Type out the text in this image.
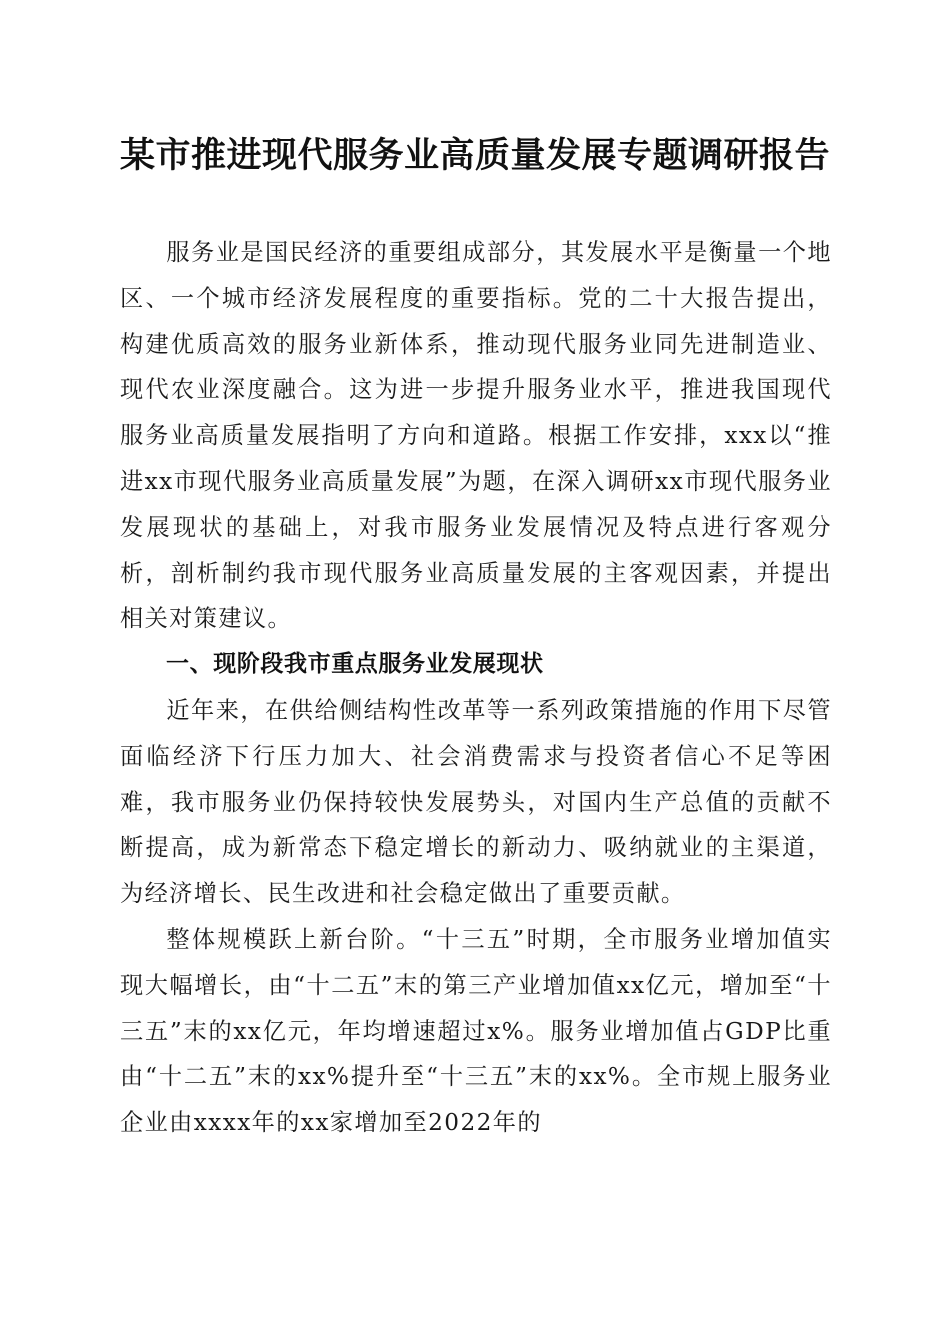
某市推进现代服务业高质量发展专题调研报告

服务业是国民经济的重要组成部分，其发展水平是衡量一个地区、一个城市经济发展程度的重要指标。党的二十大报告提出，构建优质高效的服务业新体系，推动现代服务业同先进制造业、现代农业深度融合。这为进一步提升服务业水平，推进我国现代服务业高质量发展指明了方向和道路。根据工作安排，xxx以“推进xx市现代服务业高质量发展”为题，在深入调研xx市现代服务业发展现状的基础上，对我市服务业发展情况及特点进行客观分析，剖析制约我市现代服务业高质量发展的主客观因素，并提出相关对策建议。

一、现阶段我市重点服务业发展现状

近年来，在供给侧结构性改革等一系列政策措施的作用下尽管面临经济下行压力加大、社会消费需求与投资者信心不足等困难，我市服务业仍保持较快发展势头，对国内生产总值的贡献不断提高，成为新常态下稳定增长的新动力、吸纳就业的主渠道，为经济增长、民生改进和社会稳定做出了重要贡献。

整体规模跃上新台阶。“十三五”时期，全市服务业增加值实现大幅增长，由“十二五”末的第三产业增加值xx亿元，增加至“十三五”末的xx亿元，年均增速超过x%。服务业增加值占GDP比重由“十二五”末的xx%提升至“十三五”末的xx%。全市规上服务业企业由xxxx年的xx家增加至2022年的
